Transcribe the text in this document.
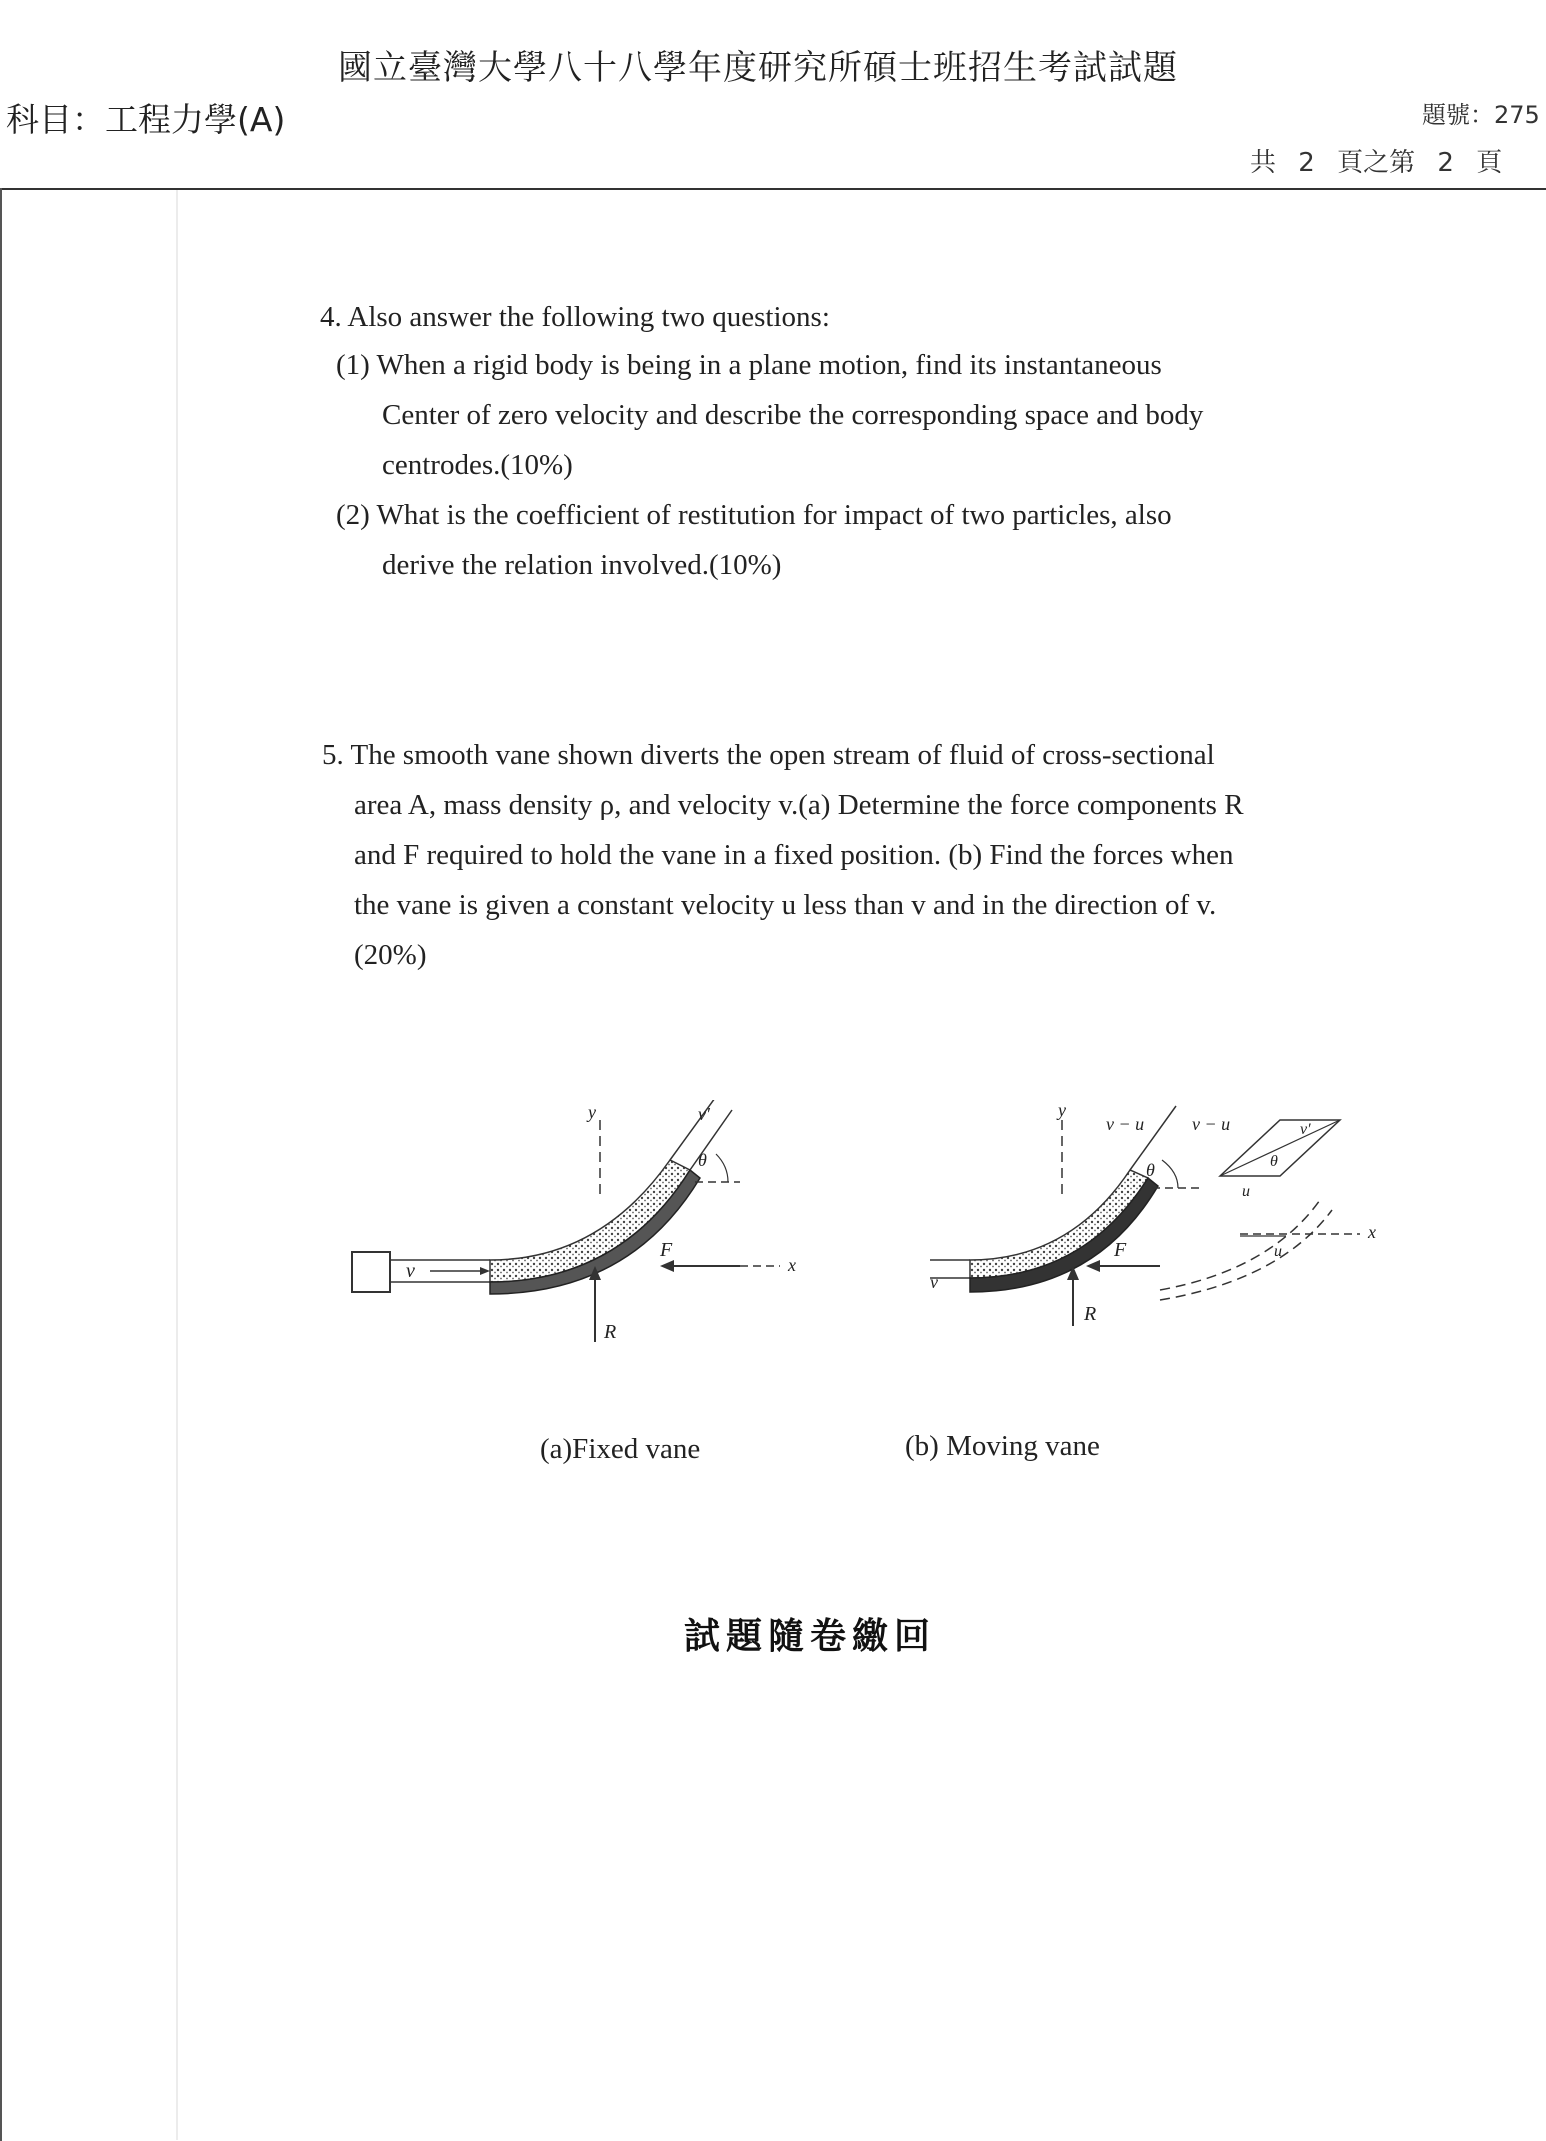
國立臺灣大學八十八學年度研究所碩士班招生考試試題
科目：工程力學(A)	題號：275
共 2 頁之第 2 頁
4. Also answer the following two questions:
(1) When a rigid body is being in a plane motion, find its instantaneous
Center of zero velocity and describe the corresponding space and body
centrodes.(10%)
(2) What is the coefficient of restitution for impact of two particles, also
derive the relation involved.(10%)
5. The smooth vane shown diverts the open stream of fluid of cross-sectional
area A, mass density ρ, and velocity v.(a) Determine the force components R
and F required to hold the vane in a fixed position. (b) Find the forces when
the vane is given a constant velocity u less than v and in the direction of v.
(20%)
y	v′
θ
v
F
x
R
v
y
v − u
θ
v − u
θ
v′
u
x
u
F
R
(a)Fixed vane	(b) Moving vane
試題隨卷繳回
